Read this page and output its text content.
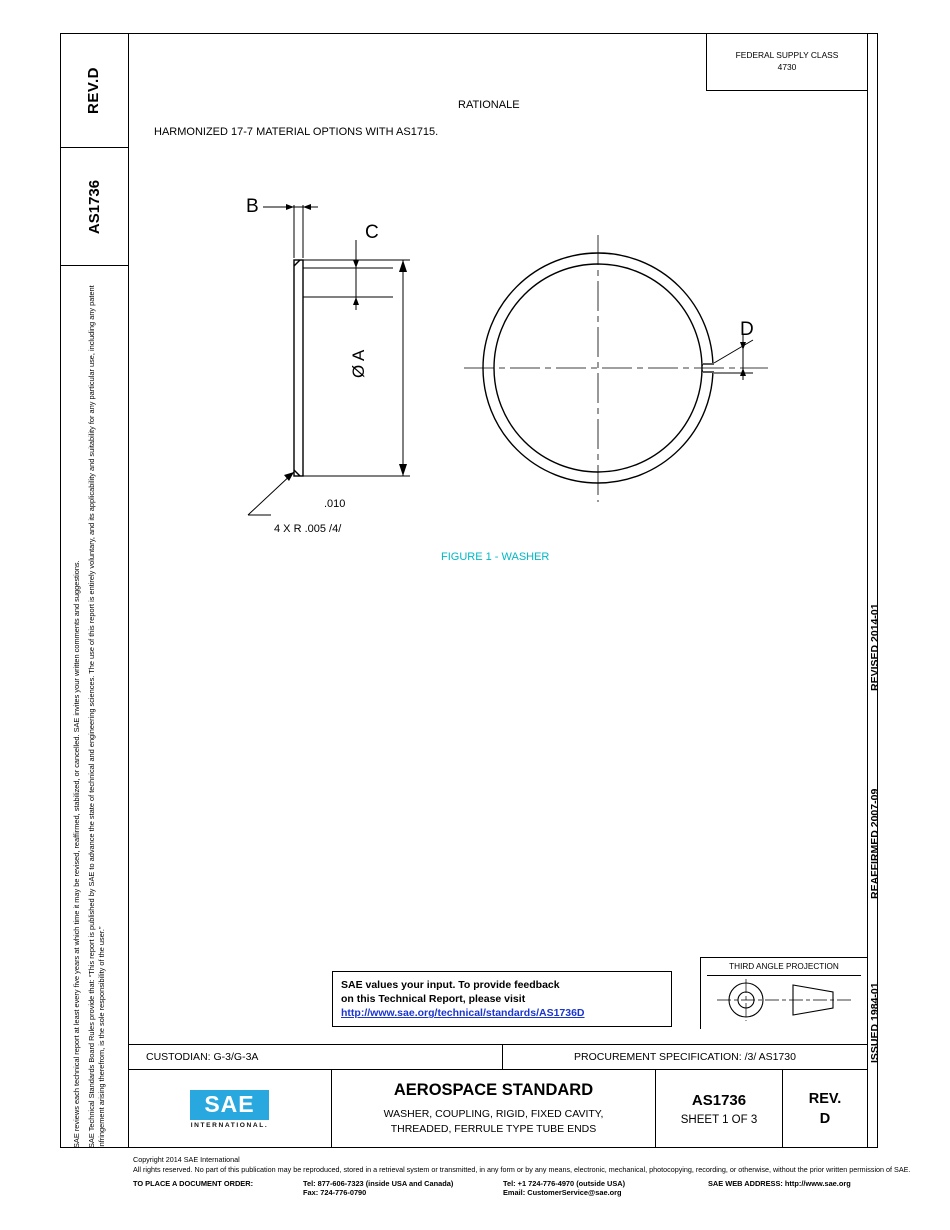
REV.
D
AS1736
SAE Technical Standards Board Rules provide that: “This report is published by SAE to advance the state of technical and engineering sciences. The use of this report is entirely voluntary, and its applicability and suitability for any particular use, including any patent infringement arising therefrom, is the sole responsibility of the user.”
SAE reviews each technical report at least every five years at which time it may be revised, reaffirmed, stabilized, or cancelled. SAE invites your written comments and suggestions.	REVISED 2014-01
REAFFIRMED 2007-09
ISSUED 1984-01
FEDERAL SUPPLY CLASS
4730
RATIONALE
HARMONIZED 17-7 MATERIAL OPTIONS WITH AS1715.
B
C
D
Ø A
.010
4 X R .005 /4/
FIGURE 1 - WASHER
SAE values your input. To provide feedback
on this Technical Report, please visit
http://www.sae.org/technical/standards/AS1736D
THIRD ANGLE PROJECTION
CUSTODIAN: G-3/G-3A	PROCUREMENT SPECIFICATION: /3/ AS1730
SAE
INTERNATIONAL.
AEROSPACE STANDARD
WASHER, COUPLING, RIGID, FIXED CAVITY,
THREADED, FERRULE TYPE TUBE ENDS
AS1736
SHEET 1 OF 3
REV.
D
Copyright 2014 SAE International
All rights reserved. No part of this publication may be reproduced, stored in a retrieval system or transmitted, in any form or by any means, electronic, mechanical, photocopying, recording, or otherwise, without the prior written permission of SAE.
TO PLACE A DOCUMENT ORDER:	Tel: 877-606-7323 (inside USA and Canada)	Tel: +1 724-776-4970 (outside USA)	SAE WEB ADDRESS: http://www.sae.org
	Fax: 724-776-0790	Email: CustomerService@sae.org	
